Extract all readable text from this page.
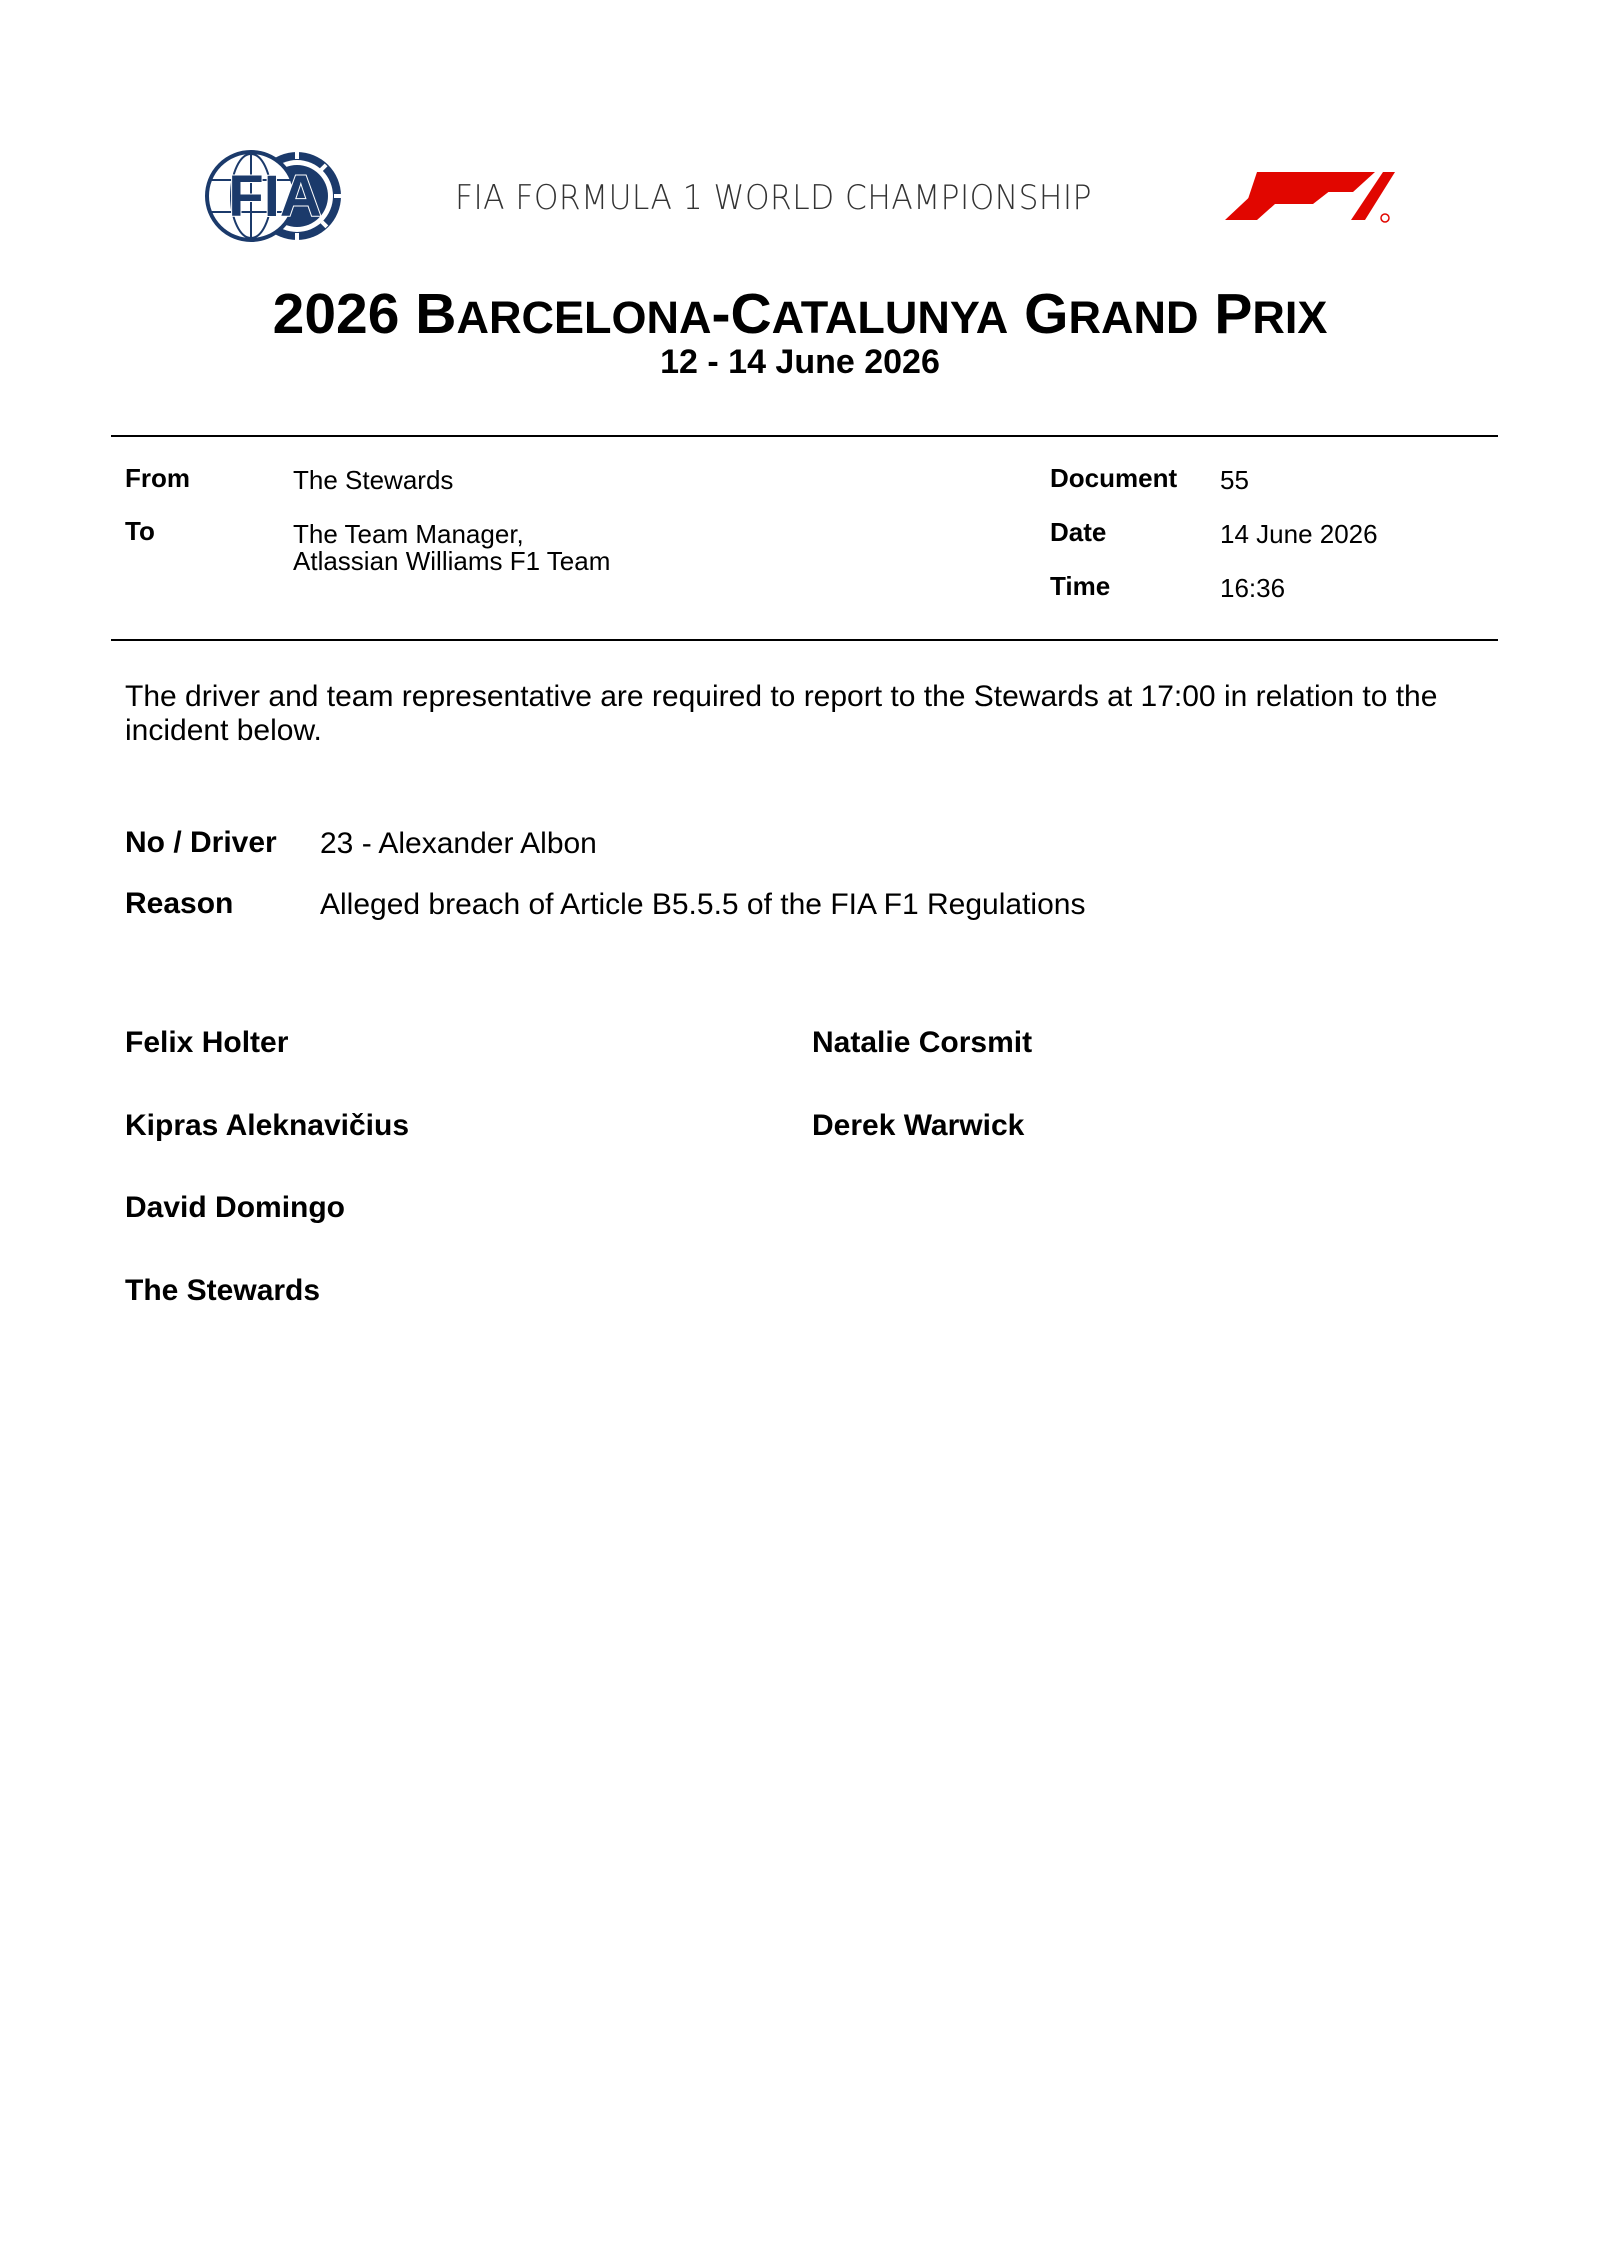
FIA	FIA FORMULA 1 WORLD CHAMPIONSHIP
2026 BARCELONA-CATALUNYA GRAND PRIX
12 - 14 June 2026
From	The Stewards
To	The Team Manager,
Atlassian Williams F1 Team
Document 55
Date	14 June 2026
Time	16:36
The driver and team representative are required to report to the Stewards at 17:00 in relation to the incident below.
No / Driver 23 - Alexander Albon
Reason	Alleged breach of Article B5.5.5 of the FIA F1 Regulations
Felix Holter
Kipras Aleknavičius
David Domingo
The Stewards
Natalie Corsmit
Derek Warwick
